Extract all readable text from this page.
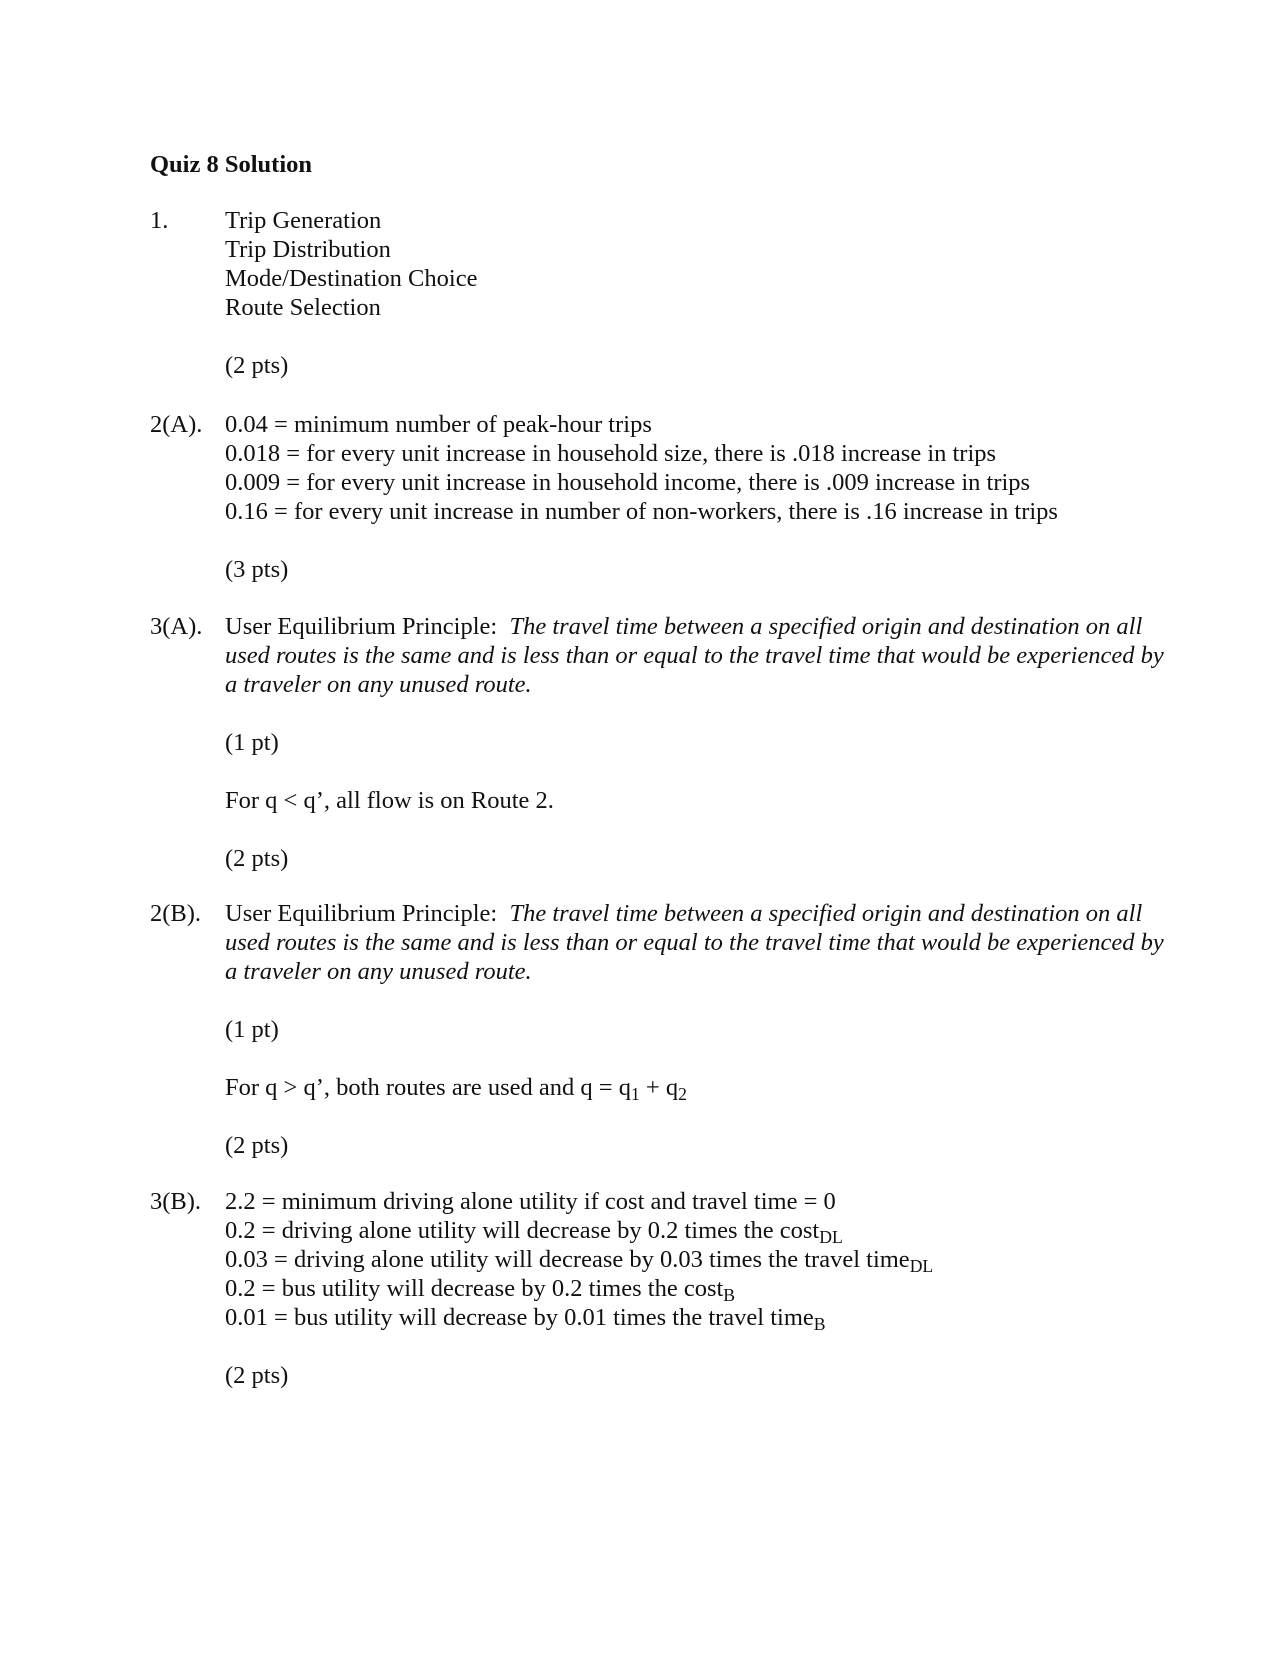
Quiz 8 Solution
1. Trip Generation
Trip Distribution
Mode/Destination Choice
Route Selection
(2 pts)
2(A). 0.04 = minimum number of peak-hour trips
0.018 = for every unit increase in household size, there is .018 increase in trips
0.009 = for every unit increase in household income, there is .009 increase in trips
0.16 = for every unit increase in number of non-workers, there is .16 increase in trips
(3 pts)
3(A). User Equilibrium Principle: The travel time between a specified origin and destination on all used routes is the same and is less than or equal to the travel time that would be experienced by a traveler on any unused route.
(1 pt)
For q < q’, all flow is on Route 2.
(2 pts)
2(B). User Equilibrium Principle: The travel time between a specified origin and destination on all used routes is the same and is less than or equal to the travel time that would be experienced by a traveler on any unused route.
(1 pt)
For q > q’, both routes are used and $q = q_1 + q_2$
(2 pts)
3(B). 2.2 = minimum driving alone utility if cost and travel time = 0
0.2 = driving alone utility will decrease by 0.2 times the cost$_{DL}$
0.03 = driving alone utility will decrease by 0.03 times the travel time$_{DL}$
0.2 = bus utility will decrease by 0.2 times the cost$_B$
0.01 = bus utility will decrease by 0.01 times the travel time$_B$
(2 pts)
